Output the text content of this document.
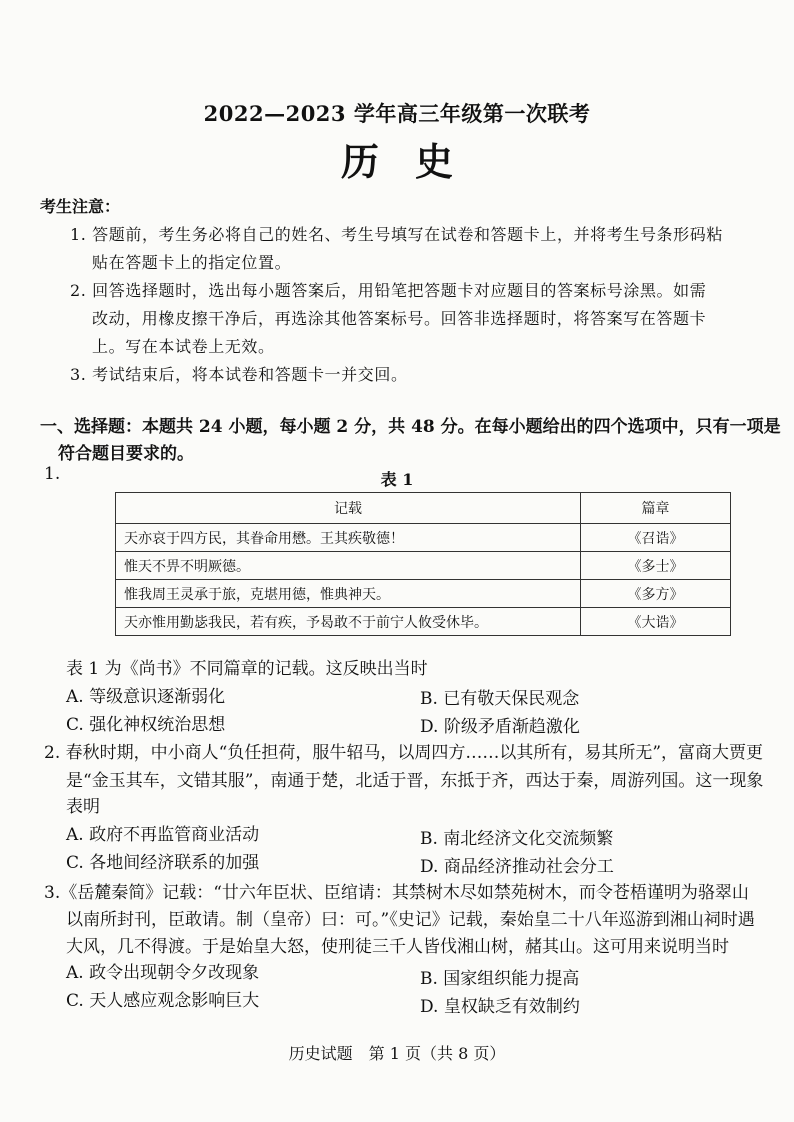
2022—2023 学年高三年级第一次联考
历史
考生注意：
1. 答题前，考生务必将自己的姓名、考生号填写在试卷和答题卡上，并将考生号条形码粘
贴在答题卡上的指定位置。
2. 回答选择题时，选出每小题答案后，用铅笔把答题卡对应题目的答案标号涂黑。如需
改动，用橡皮擦干净后，再选涂其他答案标号。回答非选择题时，将答案写在答题卡
上。写在本试卷上无效。
3. 考试结束后，将本试卷和答题卡一并交回。
一、选择题：本题共 24 小题，每小题 2 分，共 48 分。在每小题给出的四个选项中，只有一项是
符合题目要求的。
1.	表 1
记载	篇章
天亦哀于四方民，其眷命用懋。王其疾敬德！	《召诰》
惟天不畀不明厥德。	《多士》
惟我周王灵承于旅，克堪用德，惟典神天。	《多方》
天亦惟用勤毖我民，若有疾，予曷敢不于前宁人攸受休毕。	《大诰》
表 1 为《尚书》不同篇章的记载。这反映出当时
A. 等级意识逐渐弱化	B. 已有敬天保民观念
C. 强化神权统治思想	D. 阶级矛盾渐趋激化
2. 春秋时期，中小商人“负任担荷，服牛轺马，以周四方……以其所有，易其所无”，富商大贾更
是“金玉其车，文错其服”，南通于楚，北适于晋，东抵于齐，西达于秦，周游列国。这一现象
表明
A. 政府不再监管商业活动	B. 南北经济文化交流频繁
C. 各地间经济联系的加强	D. 商品经济推动社会分工
3.《岳麓秦简》记载：“廿六年臣状、臣绾请：其禁树木尽如禁苑树木，而令苍梧谨明为骆翠山
以南所封刊，臣敢请。制（皇帝）曰：可。”《史记》记载，秦始皇二十八年巡游到湘山祠时遇
大风，几不得渡。于是始皇大怒，使刑徒三千人皆伐湘山树，赭其山。这可用来说明当时
A. 政令出现朝令夕改现象	B. 国家组织能力提高
C. 天人感应观念影响巨大	D. 皇权缺乏有效制约
历史试题　第 1 页（共 8 页）
